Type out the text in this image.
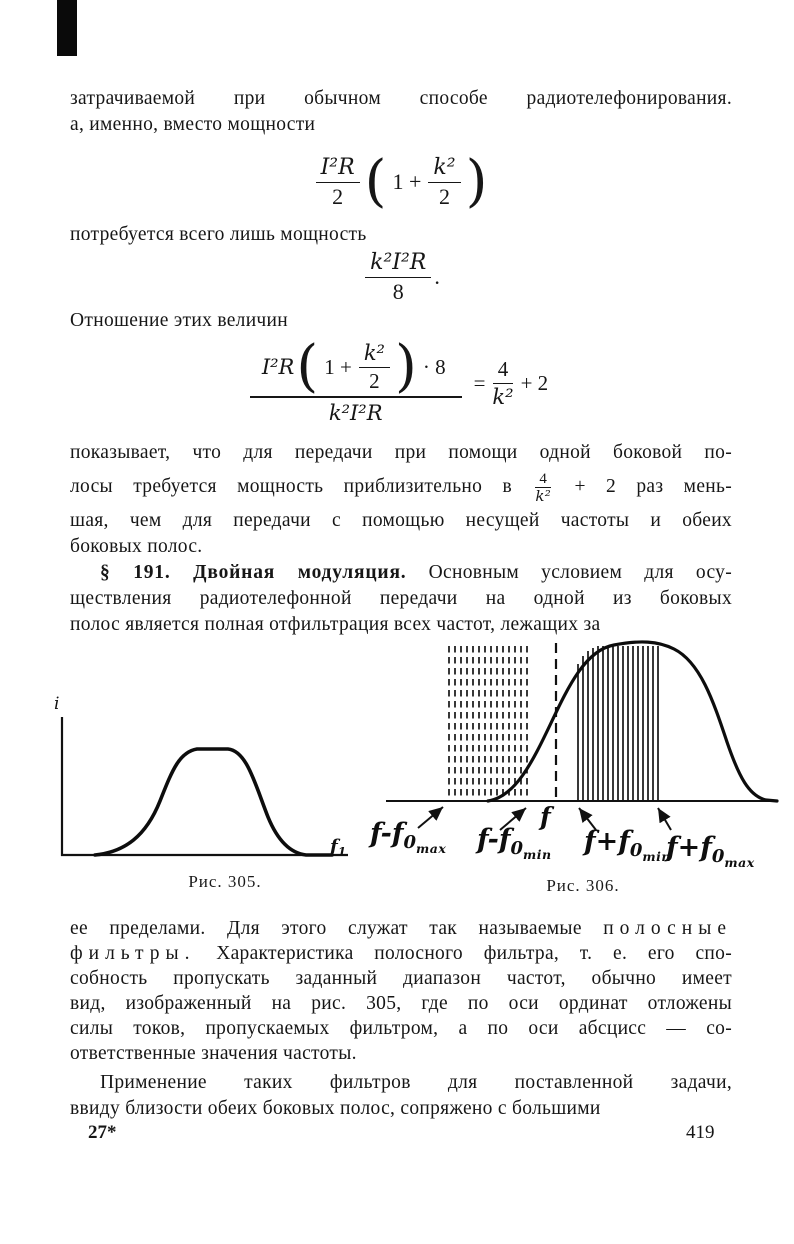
затрачиваемой при обычном способе радиотелефонирования.
а, именно, вместо мощности
$\frac{\text{I²R}}{2}$ ( $1 + \frac{\text{k²}}{2}$ )
потребуется всего лишь мощность
$\frac{\text{k²I²R}}{8}$ .
Отношение этих величин
I²R ( $1 + \frac{\text{k²}}{2}$ ) · 8
k²I²R
= $\frac{4}{\text{k²}} + 2$
показывает, что для передачи при помощи одной боковой по-
лосы требуется мощность приблизительно в $\frac{4}{\text{k²}} + 2$ раз мень-
шая, чем для передачи с помощью несущей частоты и обеих
боковых полос.
§ 191. Двойная модуляция. Основным условием для осу-
ществления радиотелефонной передачи на одной из боковых
полос является полная отфильтрация всех частот, лежащих за
ее пределами. Для этого служат так называемые полосные
фильтры. Характеристика полосного фильтра, т. е. его спо-
собность пропускать заданный диапазон частот, обычно имеет
вид, изображенный на рис. 305, где по оси ординат отложены
силы токов, пропускаемых фильтром, а по оси абсцисс — со-
ответственные значения частоты.
Применение таких фильтров для поставленной задачи,
ввиду близости обеих боковых полос, сопряжено с большими
i
$f_1$
Рис. 305.
$f-f_{0max}$ $f-f_{0min}$
f
$f+f_{0min}$
$f+f_{0max}$
Рис. 306.
27*	419
